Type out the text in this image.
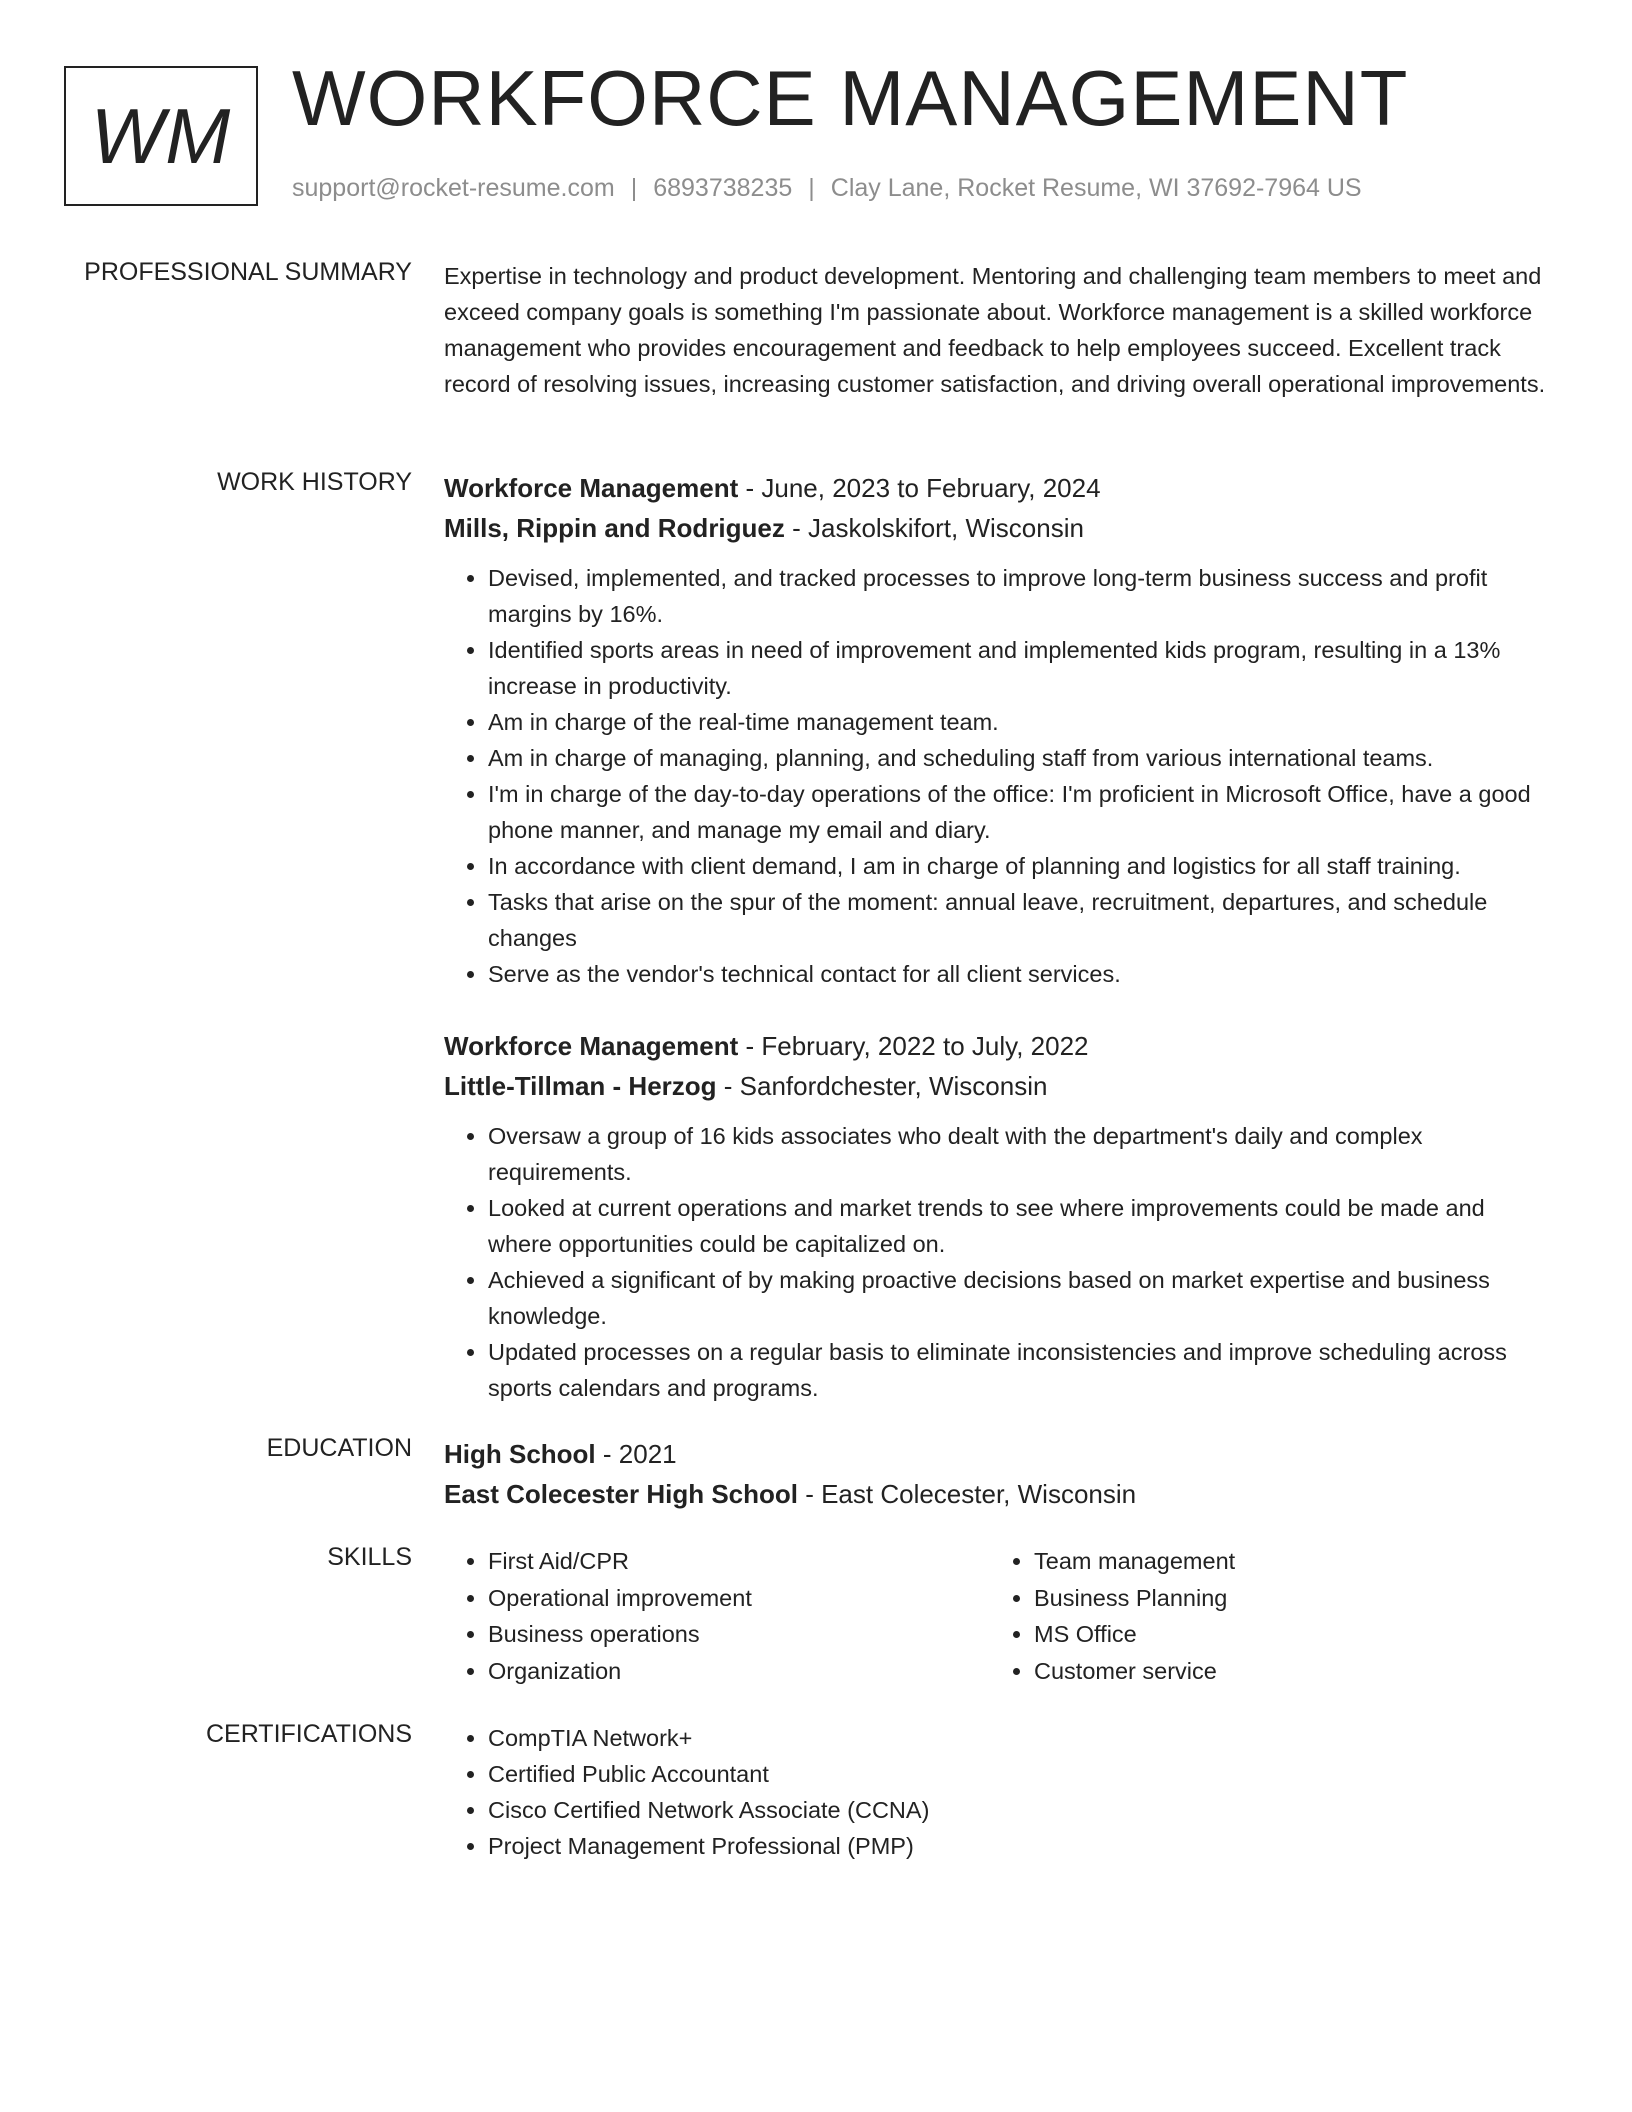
WM WORKFORCE MANAGEMENT
support@rocket-resume.com | 6893738235 | Clay Lane, Rocket Resume, WI 37692-7964 US
PROFESSIONAL SUMMARY Expertise in technology and product development. Mentoring and challenging team members to meet and exceed company goals is something I'm passionate about. Workforce management is a skilled workforce management who provides encouragement and feedback to help employees succeed. Excellent track record of resolving issues, increasing customer satisfaction, and driving overall operational improvements.

WORK HISTORY Workforce Management - June, 2023 to February, 2024
Mills, Rippin and Rodriguez - Jaskolskifort, Wisconsin
• Devised, implemented, and tracked processes to improve long-term business success and profit margins by 16%.
• Identified sports areas in need of improvement and implemented kids program, resulting in a 13% increase in productivity.
• Am in charge of the real-time management team.
• Am in charge of managing, planning, and scheduling staff from various international teams.
• I'm in charge of the day-to-day operations of the office: I'm proficient in Microsoft Office, have a good phone manner, and manage my email and diary.
• In accordance with client demand, I am in charge of planning and logistics for all staff training.
• Tasks that arise on the spur of the moment: annual leave, recruitment, departures, and schedule changes
• Serve as the vendor's technical contact for all client services.
Workforce Management - February, 2022 to July, 2022
Little-Tillman - Herzog - Sanfordchester, Wisconsin
• Oversaw a group of 16 kids associates who dealt with the department's daily and complex requirements.
• Looked at current operations and market trends to see where improvements could be made and where opportunities could be capitalized on.
• Achieved a significant of by making proactive decisions based on market expertise and business knowledge.
• Updated processes on a regular basis to eliminate inconsistencies and improve scheduling across sports calendars and programs.
EDUCATION High School - 2021
East Colecester High School - East Colecester, Wisconsin
SKILLS	• First Aid/CPR
• Operational improvement
• Business operations
• Organization
• Team management
• Business Planning
• MS Office
• Customer service
CERTIFICATIONS	• CompTIA Network+
• Certified Public Accountant
• Cisco Certified Network Associate (CCNA)
• Project Management Professional (PMP)
